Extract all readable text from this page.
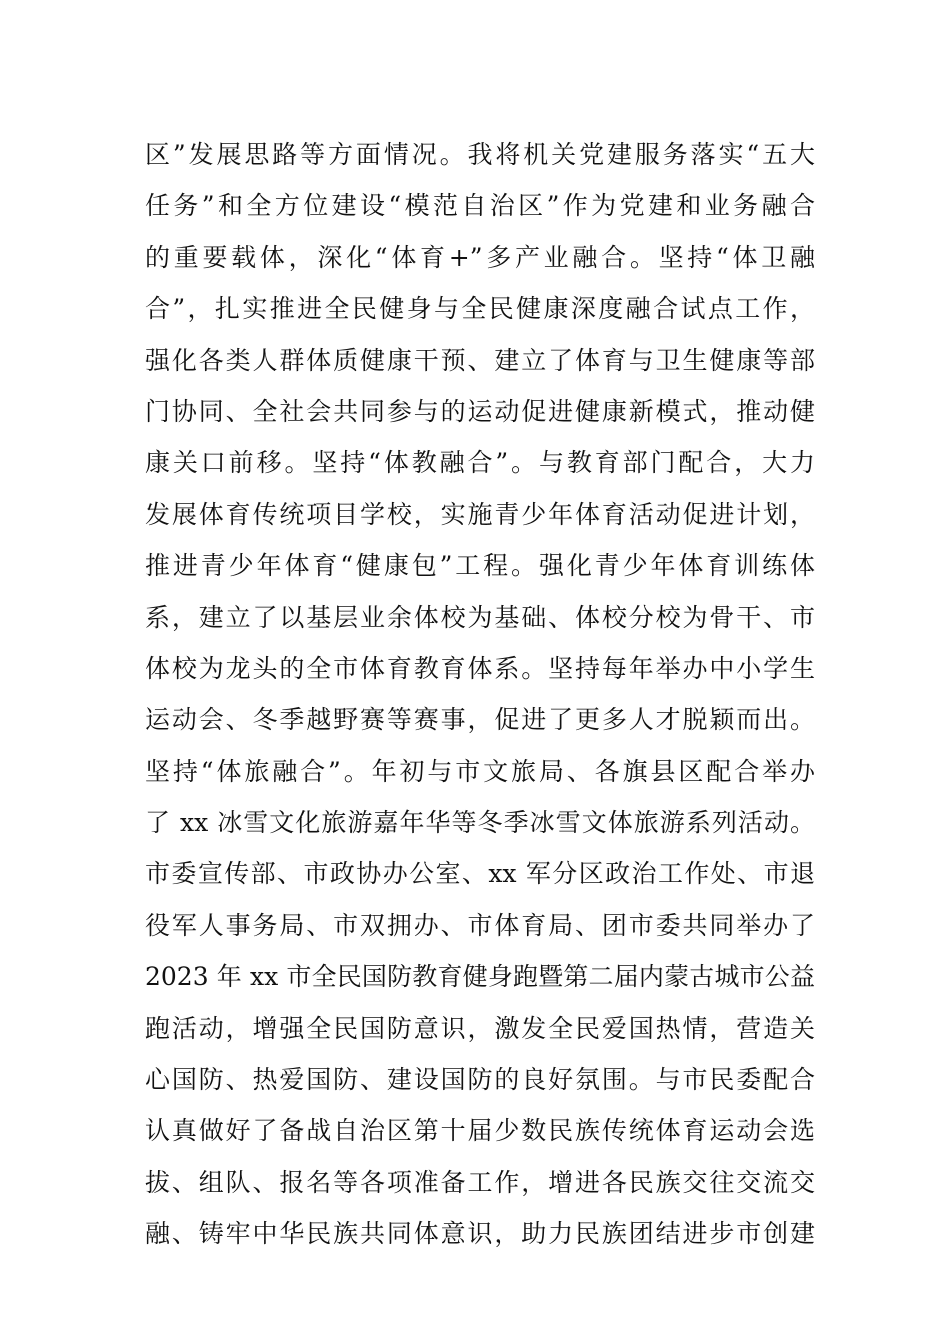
区”发展思路等方面情况。我将机关党建服务落实“五大
任务”和全方位建设“模范自治区”作为党建和业务融合
的重要载体，深化“体育+”多产业融合。坚持“体卫融
合”，扎实推进全民健身与全民健康深度融合试点工作，
强化各类人群体质健康干预、建立了体育与卫生健康等部
门协同、全社会共同参与的运动促进健康新模式，推动健
康关口前移。坚持“体教融合”。与教育部门配合，大力
发展体育传统项目学校，实施青少年体育活动促进计划，
推进青少年体育“健康包”工程。强化青少年体育训练体
系，建立了以基层业余体校为基础、体校分校为骨干、市
体校为龙头的全市体育教育体系。坚持每年举办中小学生
运动会、冬季越野赛等赛事，促进了更多人才脱颖而出。
坚持“体旅融合”。年初与市文旅局、各旗县区配合举办
了 xx 冰雪文化旅游嘉年华等冬季冰雪文体旅游系列活动。
市委宣传部、市政协办公室、xx 军分区政治工作处、市退
役军人事务局、市双拥办、市体育局、团市委共同举办了
2023 年 xx 市全民国防教育健身跑暨第二届内蒙古城市公益
跑活动，增强全民国防意识，激发全民爱国热情，营造关
心国防、热爱国防、建设国防的良好氛围。与市民委配合
认真做好了备战自治区第十届少数民族传统体育运动会选
拔、组队、报名等各项准备工作，增进各民族交往交流交
融、铸牢中华民族共同体意识，助力民族团结进步市创建
